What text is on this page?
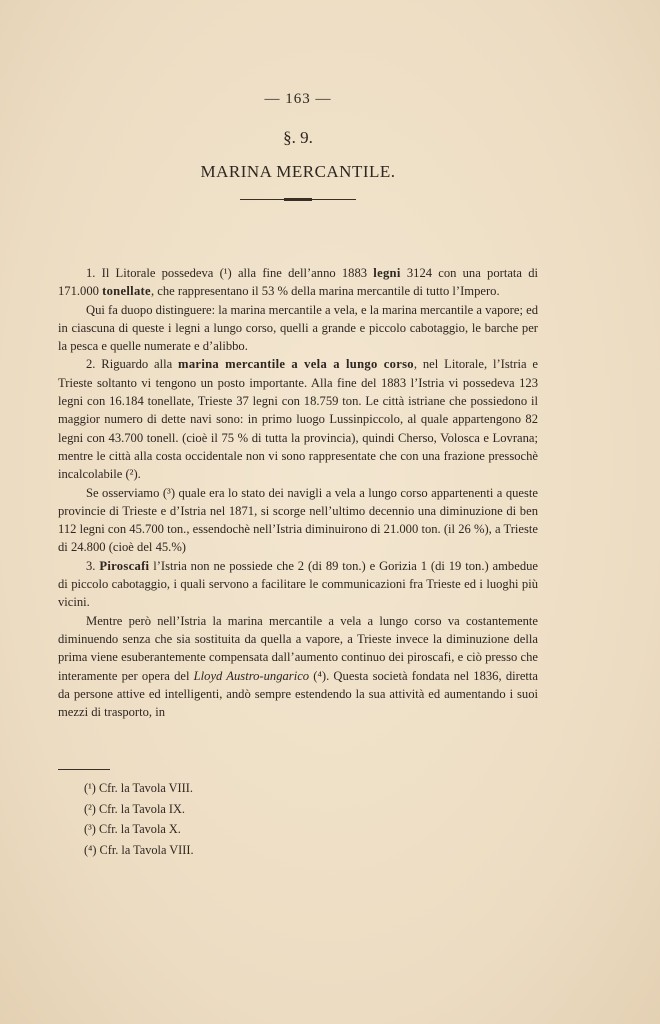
— 163 —
§. 9.
MARINA MERCANTILE.

1. Il Litorale possedeva (¹) alla fine dell’anno 1883 legni 3124 con una portata di 171.000 tonellate, che rappresentano il 53 % della marina mercantile di tutto l’Impero.

Qui fa duopo distinguere: la marina mercantile a vela, e la marina mercantile a vapore; ed in ciascuna di queste i legni a lungo corso, quelli a grande e piccolo cabotaggio, le barche per la pesca e quelle numerate e d’alibbo.

2. Riguardo alla marina mercantile a vela a lungo corso, nel Litorale, l’Istria e Trieste soltanto vi tengono un posto importante. Alla fine del 1883 l’Istria vi possedeva 123 legni con 16.184 tonellate, Trieste 37 legni con 18.759 ton. Le città istriane che possiedono il maggior numero di dette navi sono: in primo luogo Lussinpiccolo, al quale appartengono 82 legni con 43.700 tonell. (cioè il 75 % di tutta la provincia), quindi Cherso, Volosca e Lovrana; mentre le città alla costa occidentale non vi sono rappresentate che con una frazione pressochè incalcolabile (²).

Se osserviamo (³) quale era lo stato dei navigli a vela a lungo corso appartenenti a queste provincie di Trieste e d’Istria nel 1871, si scorge nell’ultimo decennio una diminuzione di ben 112 legni con 45.700 ton., essendochè nell’Istria diminuirono di 21.000 ton. (il 26 %), a Trieste di 24.800 (cioè del 45.%)

3. Piroscafi l’Istria non ne possiede che 2 (di 89 ton.) e Gorizia 1 (di 19 ton.) ambedue di piccolo cabotaggio, i quali servono a facilitare le communicazioni fra Trieste ed i luoghi più vicini.

Mentre però nell’Istria la marina mercantile a vela a lungo corso va costantemente diminuendo senza che sia sostituita da quella a vapore, a Trieste invece la diminuzione della prima viene esuberantemente compensata dall’aumento continuo dei piroscafi, e ciò presso che interamente per opera del Lloyd Austro-ungarico (⁴). Questa società fondata nel 1836, diretta da persone attive ed intelligenti, andò sempre estendendo la sua attività ed aumentando i suoi mezzi di trasporto, in

(¹) Cfr. la Tavola VIII.
(²) Cfr. la Tavola IX.
(³) Cfr. la Tavola X.
(⁴) Cfr. la Tavola VIII.
